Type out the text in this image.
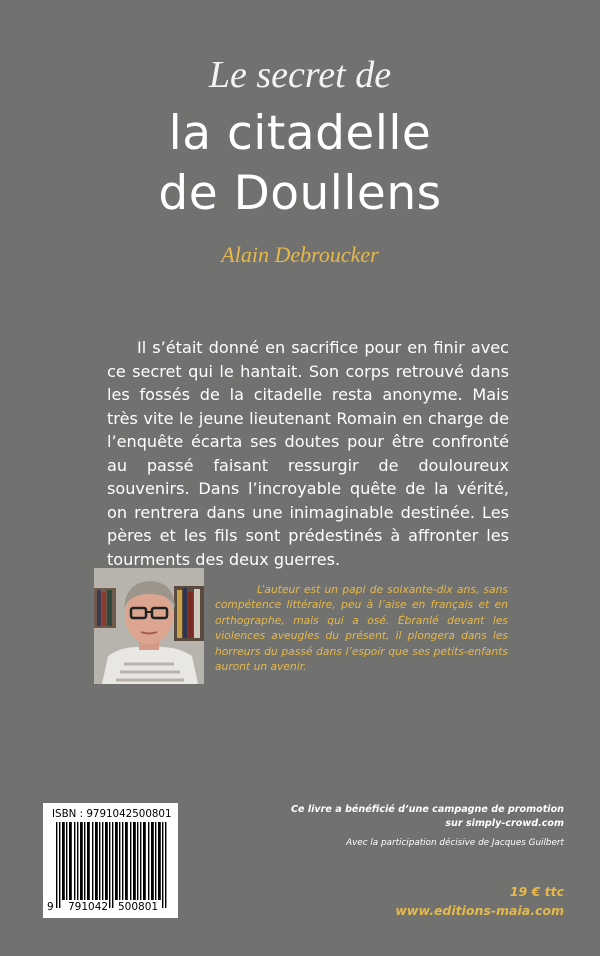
Le secret de
la citadelle
de Doullens
Alain Debroucker

Il s’était donné en sacrifice pour en finir avec ce secret qui le hantait. Son corps retrouvé dans les fossés de la citadelle resta anonyme. Mais très vite le jeune lieutenant Romain en charge de l’enquête écarta ses doutes pour être confronté au passé faisant ressurgir de douloureux souvenirs. Dans l’incroyable quête de la vérité, on rentrera dans une inimaginable destinée. Les pères et les fils sont prédestinés à affronter les tourments des deux guerres.

L’auteur est un papi de soixante-dix ans, sans compétence littéraire, peu à l’aise en français et en orthographe, mais qui a osé. Ébranlé devant les violences aveugles du présent, il plongera dans les horreurs du passé dans l’espoir que ses petits-enfants auront un avenir.

ISBN : 9791042500801
9 791042 500801

Ce livre a bénéficié d’une campagne de promotion
sur simply-crowd.com

Avec la participation décisive de Jacques Guilbert

19 € ttc

www.editions-maia.com
